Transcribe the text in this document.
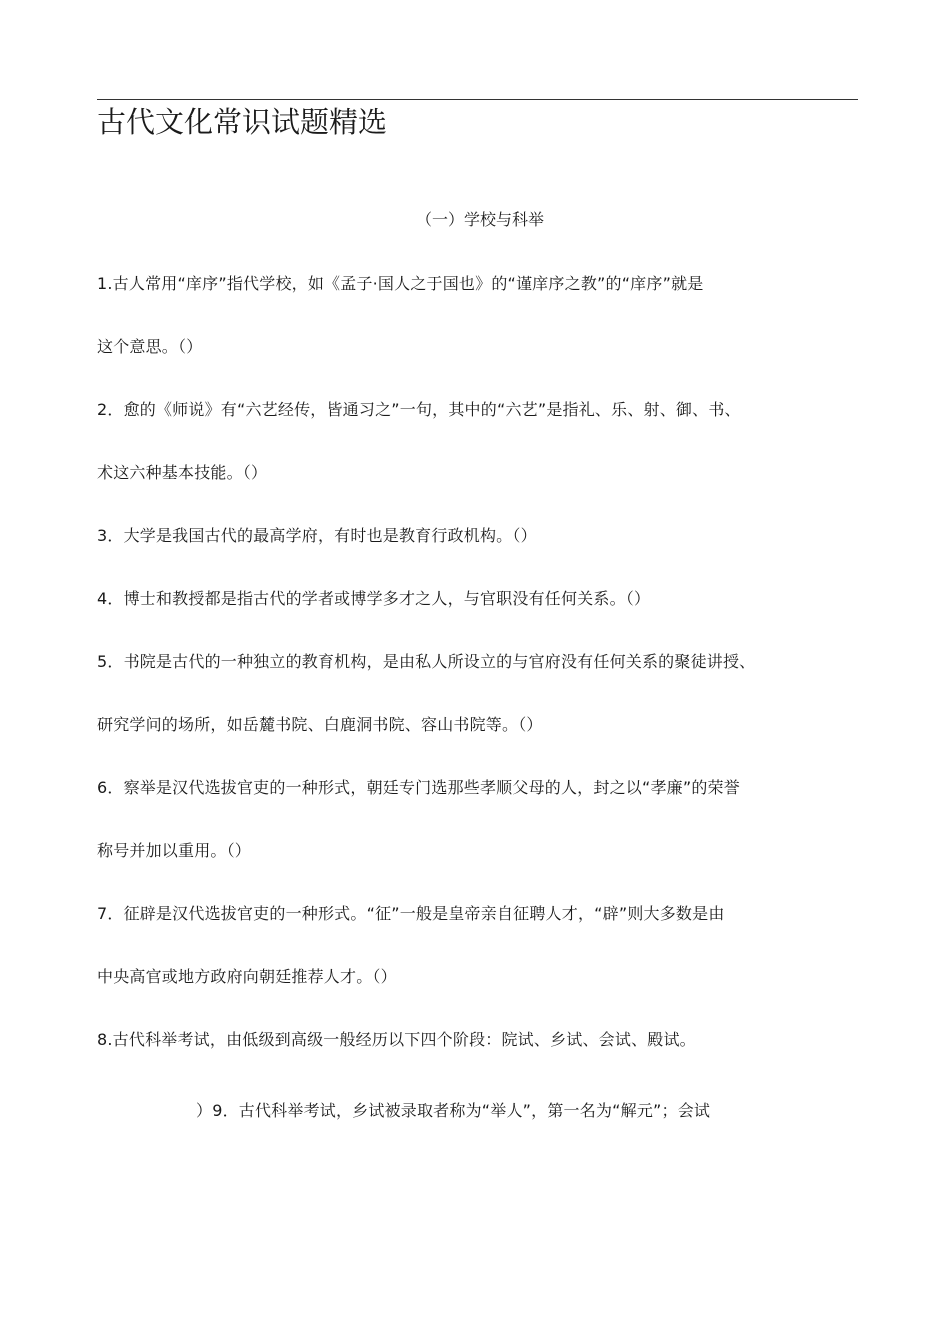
古代文化常识试题精选
（一）学校与科举
1.古人常用“庠序”指代学校，如《孟子·国人之于国也》的“谨庠序之教”的“庠序”就是
这个意思。（）
2．愈的《师说》有“六艺经传，皆通习之”一句，其中的“六艺”是指礼、乐、射、御、书、
术这六种基本技能。（）
3．大学是我国古代的最高学府，有时也是教育行政机构。（）
4．博士和教授都是指古代的学者或博学多才之人，与官职没有任何关系。（）
5．书院是古代的一种独立的教育机构，是由私人所设立的与官府没有任何关系的聚徒讲授、
研究学问的场所，如岳麓书院、白鹿洞书院、容山书院等。（）
6．察举是汉代选拔官吏的一种形式，朝廷专门选那些孝顺父母的人，封之以“孝廉”的荣誉
称号并加以重用。（）
7．征辟是汉代选拔官吏的一种形式。“征”一般是皇帝亲自征聘人才，“辟”则大多数是由
中央高官或地方政府向朝廷推荐人才。（）
8.古代科举考试，由低级到高级一般经历以下四个阶段：院试、乡试、会试、殿试。
）9．古代科举考试，乡试被录取者称为“举人”，第一名为“解元”；会试
